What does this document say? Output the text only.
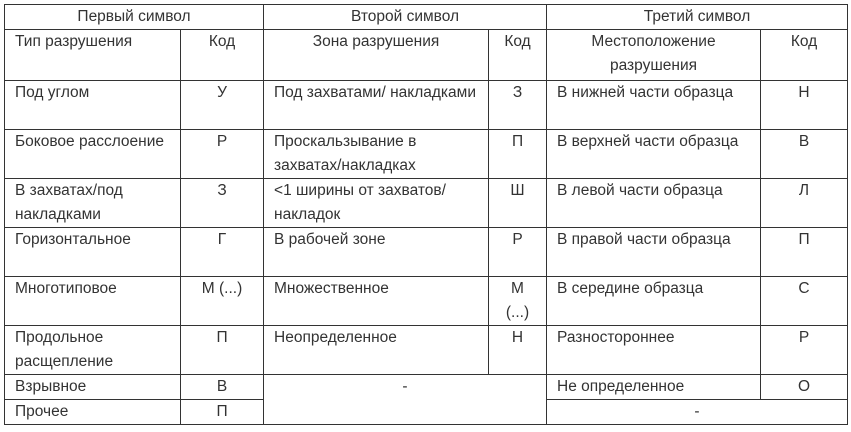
Первый символ		Второй символ		Третий символ	
Тип разрушения	Код	Зона разрушения	Код	Местоположение разрушения	Код
Под углом	У	Под захватами/ накладками	З	В нижней части образца	Н
Боковое расслоение	Р	Проскальзывание в захватах/накладках	П	В верхней части образца	В
В захватах/под накладками	З	<1 ширины от захватов/накладок	Ш	В левой части образца	Л
Горизонтальное	Г	В рабочей зоне	Р	В правой части образца	П
Многотиповое	М (...)	Множественное	М (...)	В середине образца	С
Продольное расщепление	П	Неопределенное	Н	Разностороннее	Р
Взрывное	В	-		Не определенное	О
Прочее	П			-	
